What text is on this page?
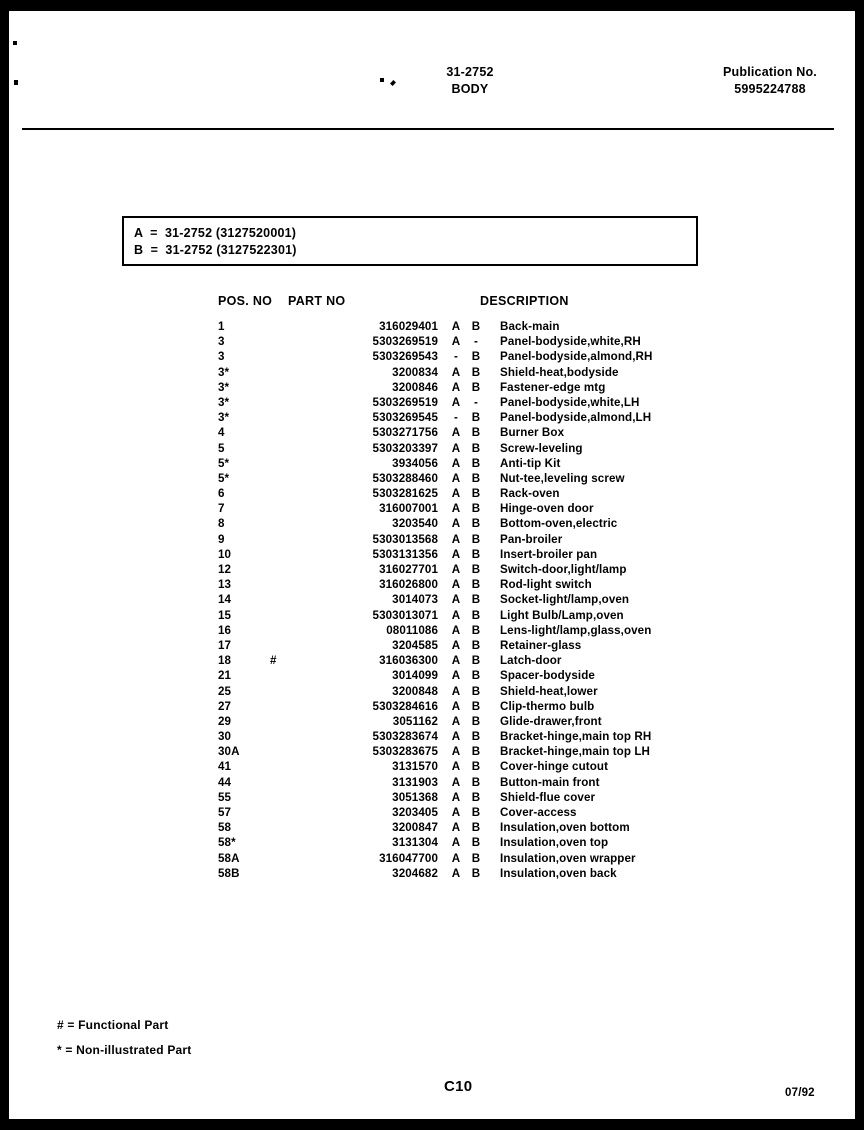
31-2752
BODY
Publication No.
5995224788
A  =  31-2752 (3127520001)
B  =  31-2752 (3127522301)
POS. NO	PART NO	DESCRIPTION
1	316029401 A B Back-main
3	5303269519 A	-	Panel-bodyside,white,RH
3	5303269543	-	B Panel-bodyside,almond,RH
3*	3200834 A B Shield-heat,bodyside
3*	3200846 A B Fastener-edge mtg
3*	5303269519 A	-	Panel-bodyside,white,LH
3*	5303269545	-	B Panel-bodyside,almond,LH
4	5303271756 A B Burner Box
5	5303203397 A B Screw-leveling
5*	3934056 A B Anti-tip Kit
5*	5303288460 A B Nut-tee,leveling screw
6	5303281625 A B Rack-oven
7	316007001 A B Hinge-oven door
8	3203540 A B Bottom-oven,electric
9	5303013568 A B Pan-broiler
10	5303131356 A B Insert-broiler pan
12	316027701 A B Switch-door,light/lamp
13	316026800 A B Rod-light switch
14	3014073 A B Socket-light/lamp,oven
15	5303013071 A B Light Bulb/Lamp,oven
16	08011086 A B Lens-light/lamp,glass,oven
17	3204585 A B Retainer-glass
18	#	316036300 A B Latch-door
21	3014099 A B Spacer-bodyside
25	3200848 A B Shield-heat,lower
27	5303284616 A B Clip-thermo bulb
29	3051162 A B Glide-drawer,front
30	5303283674 A B Bracket-hinge,main top RH
30A	5303283675 A B Bracket-hinge,main top LH
41	3131570 A B Cover-hinge cutout
44	3131903 A B Button-main front
55	3051368 A B Shield-flue cover
57	3203405 A B Cover-access
58	3200847 A B Insulation,oven bottom
58*	3131304 A B Insulation,oven top
58A	316047700 A B Insulation,oven wrapper
58B	3204682 A B Insulation,oven back
# = Functional Part
* = Non-illustrated Part
C10	07/92
